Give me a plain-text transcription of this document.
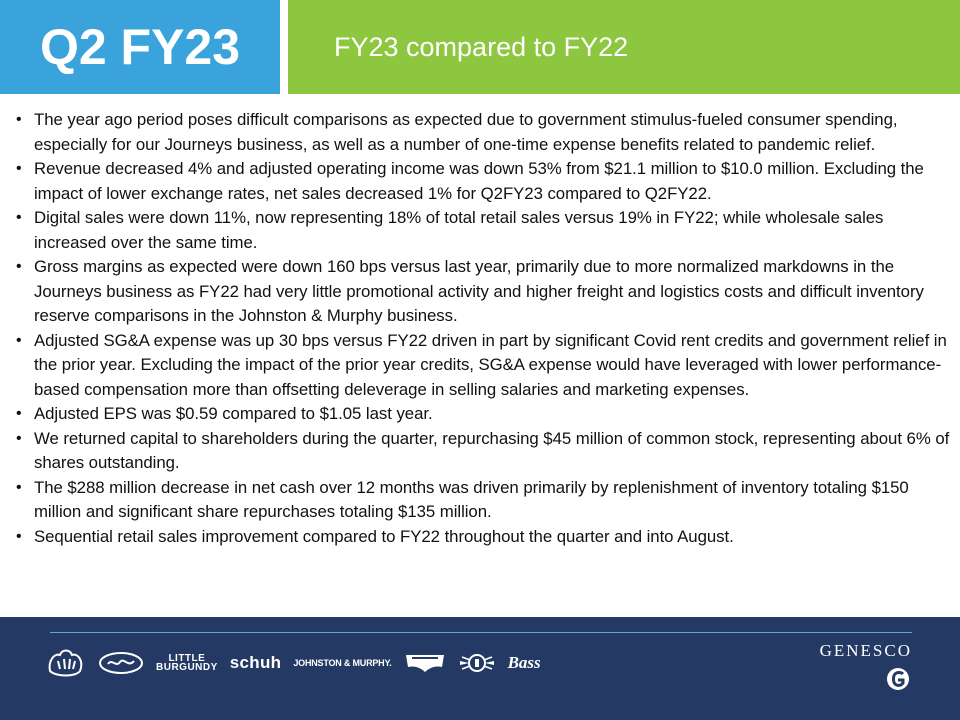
Q2 FY23	FY23 compared to FY22
• The year ago period poses difficult comparisons as expected due to government stimulus-fueled consumer spending, especially for our Journeys business, as well as a number of one-time expense benefits related to pandemic relief.
• Revenue decreased 4% and adjusted operating income was down 53% from $21.1 million to $10.0 million. Excluding the impact of lower exchange rates, net sales decreased 1% for Q2FY23 compared to Q2FY22.
• Digital sales were down 11%, now representing 18% of total retail sales versus 19% in FY22; while wholesale sales increased over the same time.
• Gross margins as expected were down 160 bps versus last year, primarily due to more normalized markdowns in the Journeys business as FY22 had very little promotional activity and higher freight and logistics costs and difficult inventory reserve comparisons in the Johnston & Murphy business.
• Adjusted SG&A expense was up 30 bps versus FY22 driven in part by significant Covid rent credits and government relief in the prior year. Excluding the impact of the prior year credits, SG&A expense would have leveraged with lower performance-based compensation more than offsetting deleverage in selling salaries and marketing expenses.
• Adjusted EPS was $0.59 compared to $1.05 last year.
• We returned capital to shareholders during the quarter, repurchasing $45 million of common stock, representing about 6% of shares outstanding.
• The $288 million decrease in net cash over 12 months was driven primarily by replenishment of inventory totaling $150 million and significant share repurchases totaling $135 million.
• Sequential retail sales improvement compared to FY22 throughout the quarter and into August.
LITTLE
BURGUNDY schuh JOHNSTON & MURPHY.	Bass
GENESCO
